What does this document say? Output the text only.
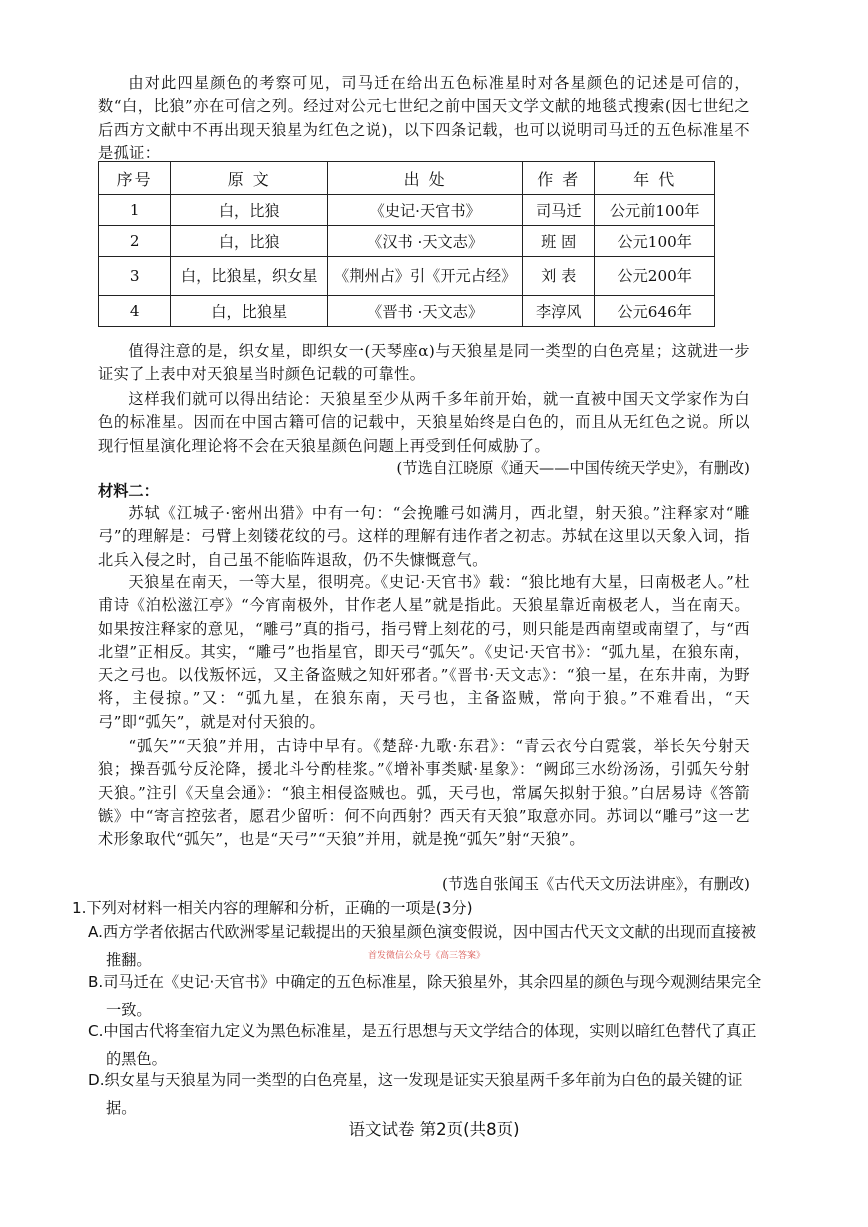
由对此四星颜色的考察可见，司马迁在给出五色标准星时对各星颜色的记述是可信的，数“白，比狼”亦在可信之列。经过对公元七世纪之前中国天文学文献的地毯式搜索(因七世纪之后西方文献中不再出现天狼星为红色之说)，以下四条记载，也可以说明司马迁的五色标准星不是孤证：

序号	原 文	出 处	作 者	年 代
1	白，比狼	《史记·天官书》	司马迁	公元前100年
2	白，比狼	《汉书 ·天文志》	班 固	公元100年
3	白，比狼星，织女星	《荆州占》引《开元占经》	刘 表	公元200年
4	白，比狼星	《晋书 ·天文志》	李淳风	公元646年

值得注意的是，织女星，即织女一(天琴座α)与天狼星是同一类型的白色亮星；这就进一步证实了上表中对天狼星当时颜色记载的可靠性。

这样我们就可以得出结论：天狼星至少从两千多年前开始，就一直被中国天文学家作为白色的标准星。因而在中国古籍可信的记载中，天狼星始终是白色的，而且从无红色之说。所以现行恒星演化理论将不会在天狼星颜色问题上再受到任何威胁了。

(节选自江晓原《通天——中国传统天学史》，有删改)

材料二：

苏轼《江城子·密州出猎》中有一句：“会挽雕弓如满月，西北望，射天狼。”注释家对“雕弓”的理解是：弓臂上刻镂花纹的弓。这样的理解有违作者之初志。苏轼在这里以天象入词，指北兵入侵之时，自己虽不能临阵退敌，仍不失慷慨意气。

天狼星在南天，一等大星，很明亮。《史记·天官书》载：“狼比地有大星，曰南极老人。”杜甫诗《泊松滋江亭》“今宵南极外，甘作老人星”就是指此。天狼星靠近南极老人，当在南天。如果按注释家的意见，“雕弓”真的指弓，指弓臂上刻花的弓，则只能是西南望或南望了，与“西北望”正相反。其实，“雕弓”也指星官，即天弓“弧矢”。《史记·天官书》：“弧九星，在狼东南，天之弓也。以伐叛怀远，又主备盗贼之知奸邪者。”《晋书·天文志》：“狼一星，在东井南，为野将，主侵掠。”又：“弧九星，在狼东南，天弓也，主备盗贼，常向于狼。”不难看出，“天弓”即“弧矢”，就是对付天狼的。

“弧矢”“天狼”并用，古诗中早有。《楚辞·九歌·东君》：“青云衣兮白霓裳，举长矢兮射天狼；操吾弧兮反沦降，援北斗兮酌桂浆。”《增补事类赋·星象》：“阙邱三水纷汤汤，引弧矢兮射天狼。”注引《天皇会通》：“狼主相侵盗贼也。弧，天弓也，常属矢拟射于狼。”白居易诗《答箭镞》中“寄言控弦者，愿君少留听：何不向西射？西天有天狼”取意亦同。苏词以“雕弓”这一艺术形象取代“弧矢”，也是“天弓”“天狼”并用，就是挽“弧矢”射“天狼”。

(节选自张闻玉《古代天文历法讲座》，有删改)

1.下列对材料一相关内容的理解和分析，正确的一项是(3分)

A.西方学者依据古代欧洲零星记载提出的天狼星颜色演变假说，因中国古代天文文献的出现而直接被推翻。

B.司马迁在《史记·天官书》中确定的五色标准星，除天狼星外，其余四星的颜色与现今观测结果完全一致。

C.中国古代将奎宿九定义为黑色标准星，是五行思想与天文学结合的体现，实则以暗红色替代了真正的黑色。

D.织女星与天狼星为同一类型的白色亮星，这一发现是证实天狼星两千多年前为白色的最关键的证据。

首发微信公众号《高三答案》
语文试卷 第2页(共8页)
